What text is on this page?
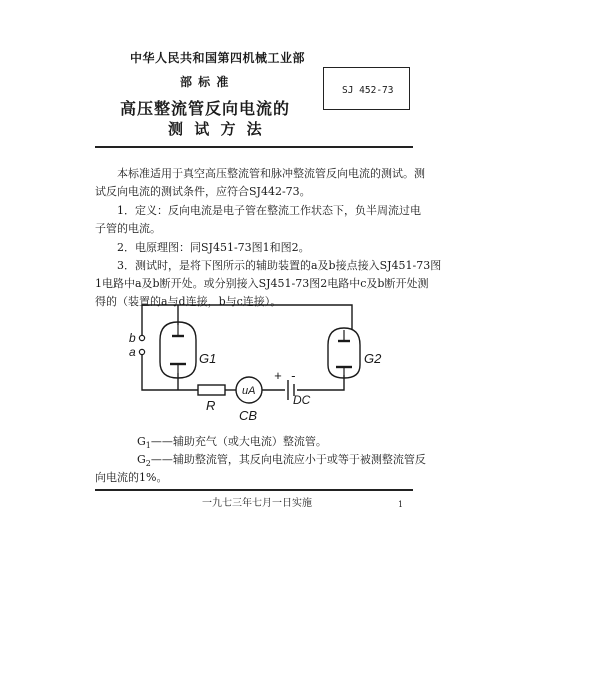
中华人民共和国第四机械工业部
部 标 准
高压整流管反向电流的
测 试 方 法
SJ 452-73
本标准适用于真空高压整流管和脉冲整流管反向电流的测试。测
试反向电流的测试条件，应符合SJ442-73。
1．定义：反向电流是电子管在整流工作状态下，负半周流过电
子管的电流。
2．电原理图：同SJ451-73图1和图2。
3．测试时，是将下图所示的辅助装置的a及b接点接入SJ451-73图
1电路中a及b断开处。或分别接入SJ451-73图2电路中c及b断开处测
得的（装置的a与d连接，b与c连接）。
b
a	G1	G2
R
uA
CB
+ -
DC
$G_1——$辅助充气（或大电流）整流管。
$G_2——$辅助整流管，其反向电流应小于或等于被测整流管反
向电流的1%。
一九七三年七月一日实施	1
